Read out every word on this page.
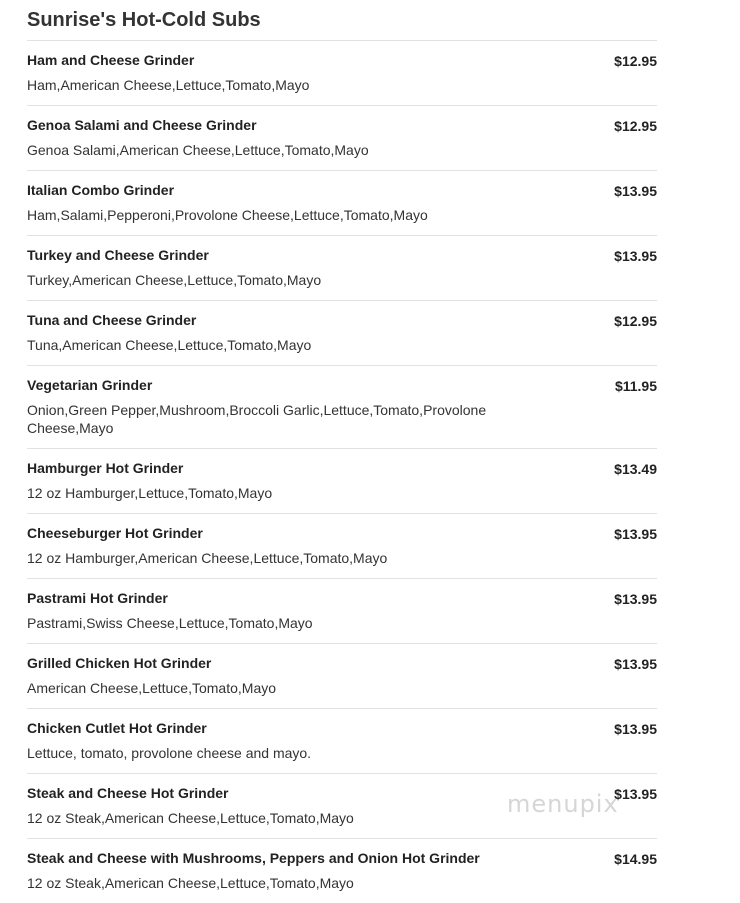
Sunrise's Hot-Cold Subs
Ham and Cheese Grinder
Ham,American Cheese,Lettuce,Tomato,Mayo
$12.95
Genoa Salami and Cheese Grinder
Genoa Salami,American Cheese,Lettuce,Tomato,Mayo
$12.95
Italian Combo Grinder
Ham,Salami,Pepperoni,Provolone Cheese,Lettuce,Tomato,Mayo
$13.95
Turkey and Cheese Grinder
Turkey,American Cheese,Lettuce,Tomato,Mayo
$13.95
Tuna and Cheese Grinder
Tuna,American Cheese,Lettuce,Tomato,Mayo
$12.95
Vegetarian Grinder
Onion,Green Pepper,Mushroom,Broccoli Garlic,Lettuce,Tomato,Provolone Cheese,Mayo
$11.95
Hamburger Hot Grinder
12 oz Hamburger,Lettuce,Tomato,Mayo
$13.49
Cheeseburger Hot Grinder
12 oz Hamburger,American Cheese,Lettuce,Tomato,Mayo
$13.95
Pastrami Hot Grinder
Pastrami,Swiss Cheese,Lettuce,Tomato,Mayo
$13.95
Grilled Chicken Hot Grinder
American Cheese,Lettuce,Tomato,Mayo
$13.95
Chicken Cutlet Hot Grinder
Lettuce, tomato, provolone cheese and mayo.
$13.95
Steak and Cheese Hot Grinder
12 oz Steak,American Cheese,Lettuce,Tomato,Mayo
$13.95
Steak and Cheese with Mushrooms, Peppers and Onion Hot Grinder
12 oz Steak,American Cheese,Lettuce,Tomato,Mayo
$14.95
menupix
